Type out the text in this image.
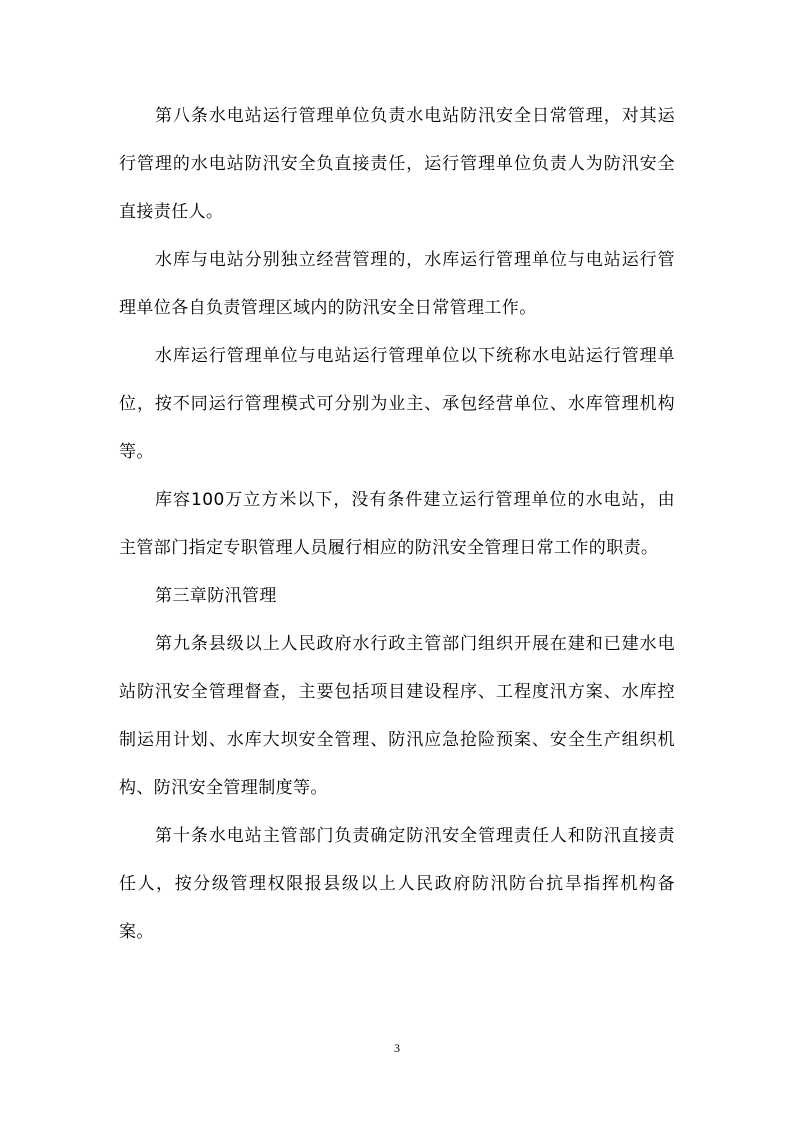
第八条水电站运行管理单位负责水电站防汛安全日常管理，对其运行管理的水电站防汛安全负直接责任，运行管理单位负责人为防汛安全直接责任人。

水库与电站分别独立经营管理的，水库运行管理单位与电站运行管理单位各自负责管理区域内的防汛安全日常管理工作。

水库运行管理单位与电站运行管理单位以下统称水电站运行管理单位，按不同运行管理模式可分别为业主、承包经营单位、水库管理机构等。

库容100万立方米以下，没有条件建立运行管理单位的水电站，由主管部门指定专职管理人员履行相应的防汛安全管理日常工作的职责。

第三章防汛管理

第九条县级以上人民政府水行政主管部门组织开展在建和已建水电站防汛安全管理督查，主要包括项目建设程序、工程度汛方案、水库控制运用计划、水库大坝安全管理、防汛应急抢险预案、安全生产组织机构、防汛安全管理制度等。

第十条水电站主管部门负责确定防汛安全管理责任人和防汛直接责任人，按分级管理权限报县级以上人民政府防汛防台抗旱指挥机构备案。

3
